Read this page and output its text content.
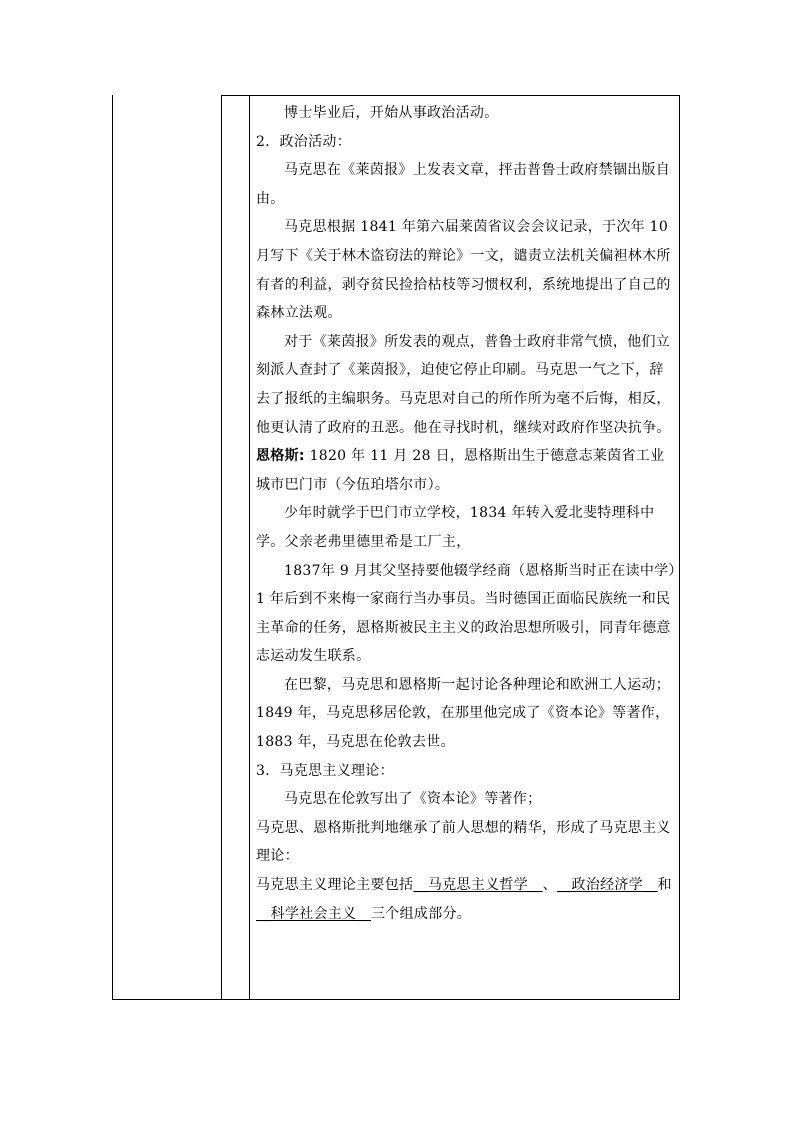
博士毕业后，开始从事政治活动。

2．政治活动：

马克思在《莱茵报》上发表文章，抨击普鲁士政府禁锢出版自由。

马克思根据 1841 年第六届莱茵省议会会议记录，于次年 10 月写下《关于林木盗窃法的辩论》一文，谴责立法机关偏袒林木所有者的利益，剥夺贫民捡拾枯枝等习惯权利，系统地提出了自己的森林立法观。

对于《莱茵报》所发表的观点，普鲁士政府非常气愤，他们立刻派人查封了《莱茵报》，迫使它停止印刷。马克思一气之下，辞去了报纸的主编职务。马克思对自己的所作所为毫不后悔，相反，他更认清了政府的丑恶。他在寻找时机，继续对政府作坚决抗争。

恩格斯: 1820 年 11 月 28 日，恩格斯出生于德意志莱茵省工业城市巴门市（今伍珀塔尔市）。

少年时就学于巴门市立学校，1834 年转入爱北斐特理科中学。父亲老弗里德里希是工厂主，

1837年 9 月其父坚持要他辍学经商（恩格斯当时正在读中学）1 年后到不来梅一家商行当办事员。当时德国正面临民族统一和民主革命的任务，恩格斯被民主主义的政治思想所吸引，同青年德意志运动发生联系。

在巴黎，马克思和恩格斯一起讨论各种理论和欧洲工人运动；

1849 年，马克思移居伦敦，在那里他完成了《资本论》等著作，1883 年，马克思在伦敦去世。

3．马克思主义理论：

马克思在伦敦写出了《资本论》等著作；

马克思、恩格斯批判地继承了前人思想的精华，形成了马克思主义理论：

马克思主义理论主要包括__马克思主义哲学__、__政治经济学__和__科学社会主义__三个组成部分。
